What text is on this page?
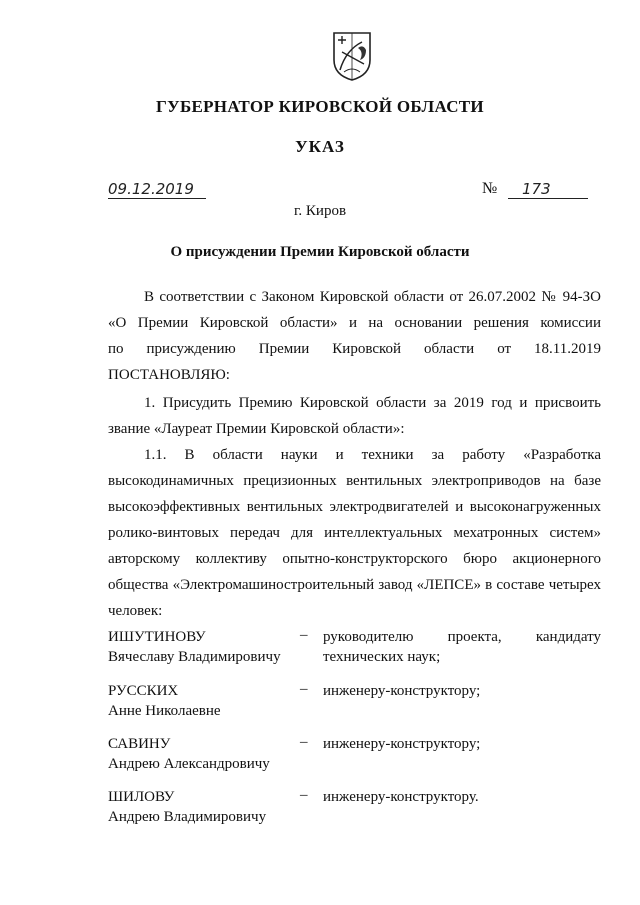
ГУБЕРНАТОР КИРОВСКОЙ ОБЛАСТИ
УКАЗ
09.12.2019	№	173
г. Киров
О присуждении Премии Кировской области

В соответствии с Законом Кировской области от 26.07.2002 № 94-ЗО

«О Премии Кировской области» и на основании решения комиссии

по присуждению Премии Кировской области от 18.11.2019

ПОСТАНОВЛЯЮ:

1. Присудить Премию Кировской области за 2019 год и присвоить

звание «Лауреат Премии Кировской области»:

1.1. В области науки и техники за работу «Разработка

высокодинамичных прецизионных вентильных электроприводов на базе

высокоэффективных вентильных электродвигателей и высоконагруженных

ролико-винтовых передач для интеллектуальных мехатронных систем»

авторскому коллективу опытно-конструкторского бюро акционерного

общества «Электромашиностроительный завод «ЛЕПСЕ» в составе четырех

человек:

ИШУТИНОВУ
Вячеславу Владимировичу
– руководителю проекта, кандидату
технических наук;
РУССКИХ
Анне Николаевне
– инженеру-конструктору;
САВИНУ
Андрею Александровичу
– инженеру-конструктору;
ШИЛОВУ
Андрею Владимировичу
– инженеру-конструктору.
